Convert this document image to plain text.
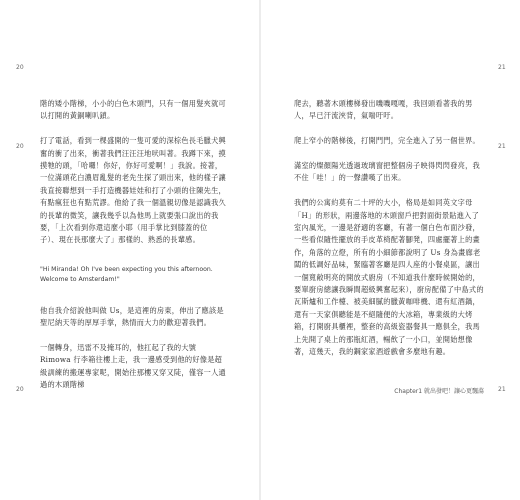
20
20

階的矮小階梯，小小的白色木頭門，只有一個用髮夾就可以打開的黃銅喇叭鎖。

打了電話，看到一棵盛開的一隻可愛的深棕色長毛臘犬興奮的衝了出來，衝著我們汪汪汪地吠叫著。我蹲下來，摸摸牠的頭，「哈囉！你好，你好可愛啊！」我說。接著，一位滿頭花白濃眉亂髮的老先生探了頭出來，他的樣子讓我直接聯想到一手打造機器娃娃和打了小頭的住陳先生，有點瘋狂也有點荒謬。他給了我一個溫親切像是認識我久的長輩的微笑，讓我幾乎以為他馬上就要張口說出的我要，「上次看到你還這麼小耶（用手掌比到膝蓋的位子）、現在長那麼大了」那樣的、熟悉的長輩感。

"Hi Miranda! Oh I've been expecting you this afternoon. Welcome to Amsterdam!"

他自我介紹說他叫做 Us，是這裡的房東，伸出了應該是聖尼納天等的厚厚手掌，熱情而大力的歡迎著我們。

一個轉身，迅雷不及掩耳的，他扛起了我的大號 Rimowa 行李箱往樓上走，我一邊感受到他的好像是超級訓練的搬運專家呢，開始往那樓又穿又陡，僅容一人通過的木頭階梯

20
21
21

爬去，聽著木頭樓梯發出嘰嘰嘎嘎，我回頭看著我的男人，早已汗流浹背，氣喘吁吁。

爬上窄小的階梯後，打開門門，完全進入了另一個世界。

滿室的燦顏陽光透過玻璃窗把整個房子映得閃閃發亮，我不住「哇！」的一聲讚嘆了出來。

我們的公寓約莫有二十坪的大小，格局是如同英文字母「H」的形狀，兩邊落地的木頭窗戶把對面街景貼進入了室內風光，一邊是舒適的客廳，有著一個白色布面沙發，一些看似隨性擺放的手皮革椅配著腳凳，四處擺著上的畫作，角落的立燈，所有的小細節都說明了 Us 身為畫廊老闆的低調好品味，緊臨著客廳是四人座的小餐桌區，讓出一個寬敞明亮的開放式廚房（不知道我什麼時候開始的，要單廚房總讓我瞬間超級興奮起來），廚房配備了中島式的瓦斯爐和工作檯、被美細膩的臘黃咖啡機、還有紅酒鍋，還有一天家俱聽能是不絕隨便的大冰箱，專業級的大烤箱，打開廚具櫃裡，整套的高級瓷器餐具一應俱全，我馬上先開了桌上的那瓶紅酒，暢飲了一小口，並開始想像著，這幾天，我的鋼家家酒遊戲會多麼地有趣。

Chapter1 就出發吧！讓心更飄蕩 21
